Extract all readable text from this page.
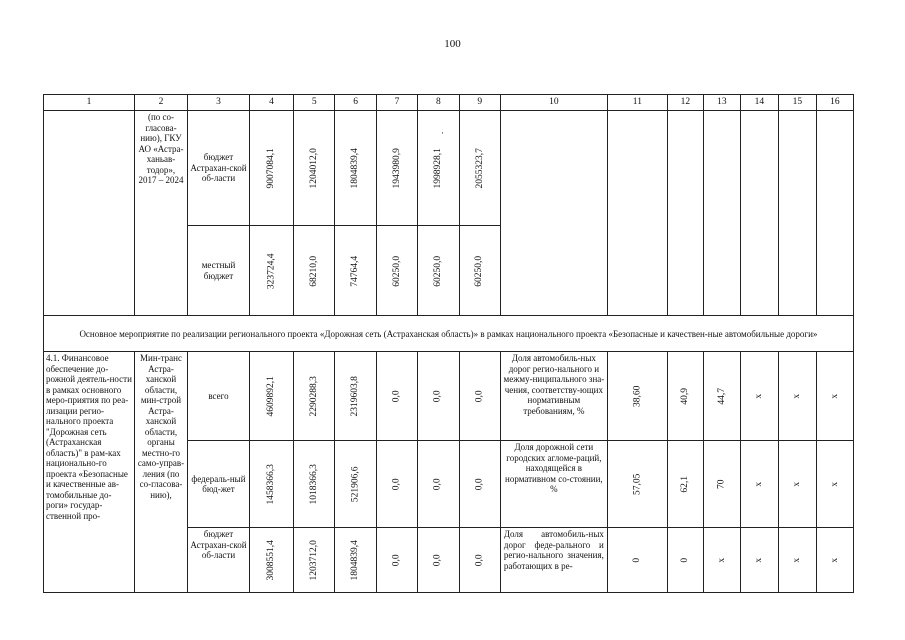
100
·
1	2	3	4	5	6	7	8	9	10	11	12	13	14	15	16
	(по со-гласова-нию), ГКУ АО «Астра-ханьав-тодор», 2017 – 2024	бюджет Астрахан-ской об-ласти	9007084,1	1204012,0	1804839,4	1943980,9	1998928,1	2055323,7							
		местный бюджет	323724,4	68210,0	74764,4	60250,0	60250,0	60250,0							
Основное мероприятие по реализации регионального проекта «Дорожная сеть (Астраханская область)» в рамках национального проекта «Безопасные и качествен-ные автомобильные дороги»															
4.1. Финансовое обеспечение до-рожной деятель-ности в рамках основного меро-приятия по реа-лизации регио-нального проекта "Дорожная сеть (Астраханская область)" в рам-ках национально-го проекта «Безопасные и качественные ав-томобильные до-роги» государ-ственной про-	Мин-транс Астра-ханской области, мин-строй Астра-ханской области, органы местно-го само-управ-ления (по со-гласова-нию),	всего	4609892,1	2290288,3	2319603,8	0,0	0,0	0,0	Доля автомобиль-ных дорог регио-нального и межму-ниципального зна-чения, соответству-ющих нормативным требованиям, %	38,60	40,9	44,7	х	х	х
		федераль-ный бюд-жет	1458366,3	1018366,3	521906,6	0,0	0,0	0,0	Доля дорожной сети городских агломе-раций, находящейся в нормативном со-стоянии, %	57,05	62,1	70	х	х	х
		бюджет Астрахан-ской об-ласти	3008551,4	1203712,0	1804839,4	0,0	0,0	0,0	Доля автомобиль-ных дорог феде-рального и регио-нального значения, работающих в ре-	0	0	х	х	х	х
